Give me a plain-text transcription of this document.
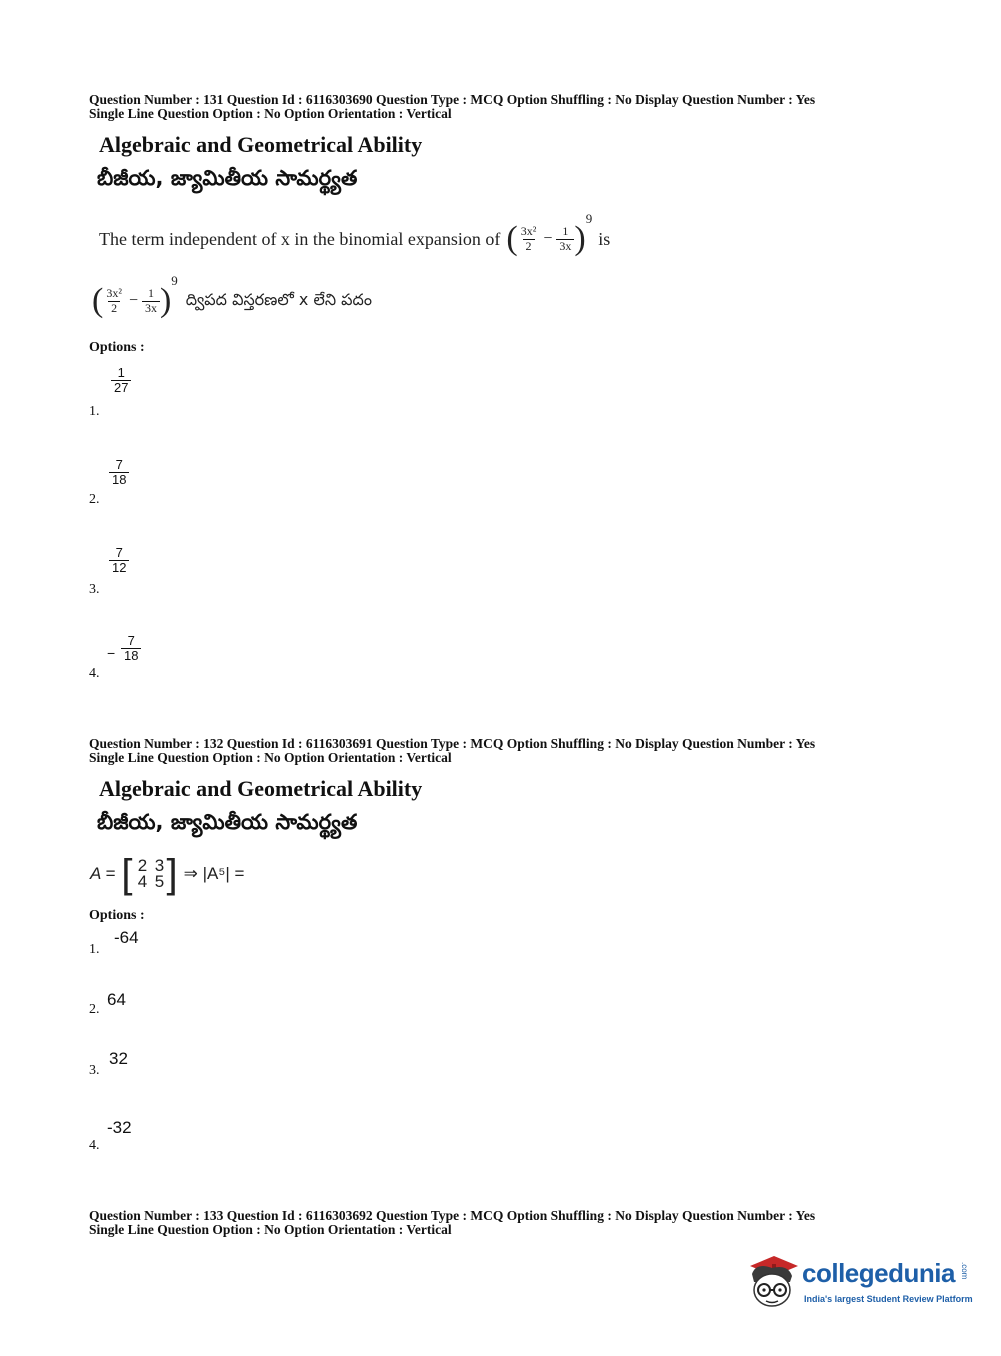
Question Number : 131 Question Id : 6116303690 Question Type : MCQ Option Shuffling : No Display Question Number : Yes
Single Line Question Option : No Option Orientation : Vertical
Algebraic and Geometrical Ability
బీజీయ, జ్యామితీయ సామర్థ్యత
The term independent of x in the binomial expansion of ( $\frac{\text{3x²}}{2} - \frac{1}{3x}$ )
9
is
( $\frac{\text{3x²}}{2} - \frac{1}{3x}$ )
9
ద్విపద విస్తరణలో x లేని పదం
Options :
1.
$\frac{1}{27}$
2.
$\frac{7}{18}$
3.
$\frac{7}{12}$
4.
− $\frac{7}{18}$
Question Number : 132 Question Id : 6116303691 Question Type : MCQ Option Shuffling : No Display Question Number : Yes
Single Line Question Option : No Option Orientation : Vertical
Algebraic and Geometrical Ability
బీజీయ, జ్యామితీయ సామర్థ్యత
A = [ 2 3
4 5 ] ⇒ |A⁵| =
Options :
1.
-64
2.
64
3.
32
4.
-32
Question Number : 133 Question Id : 6116303692 Question Type : MCQ Option Shuffling : No Display Question Number : Yes
Single Line Question Option : No Option Orientation : Vertical
collegedunia .com
India's largest Student Review Platform
